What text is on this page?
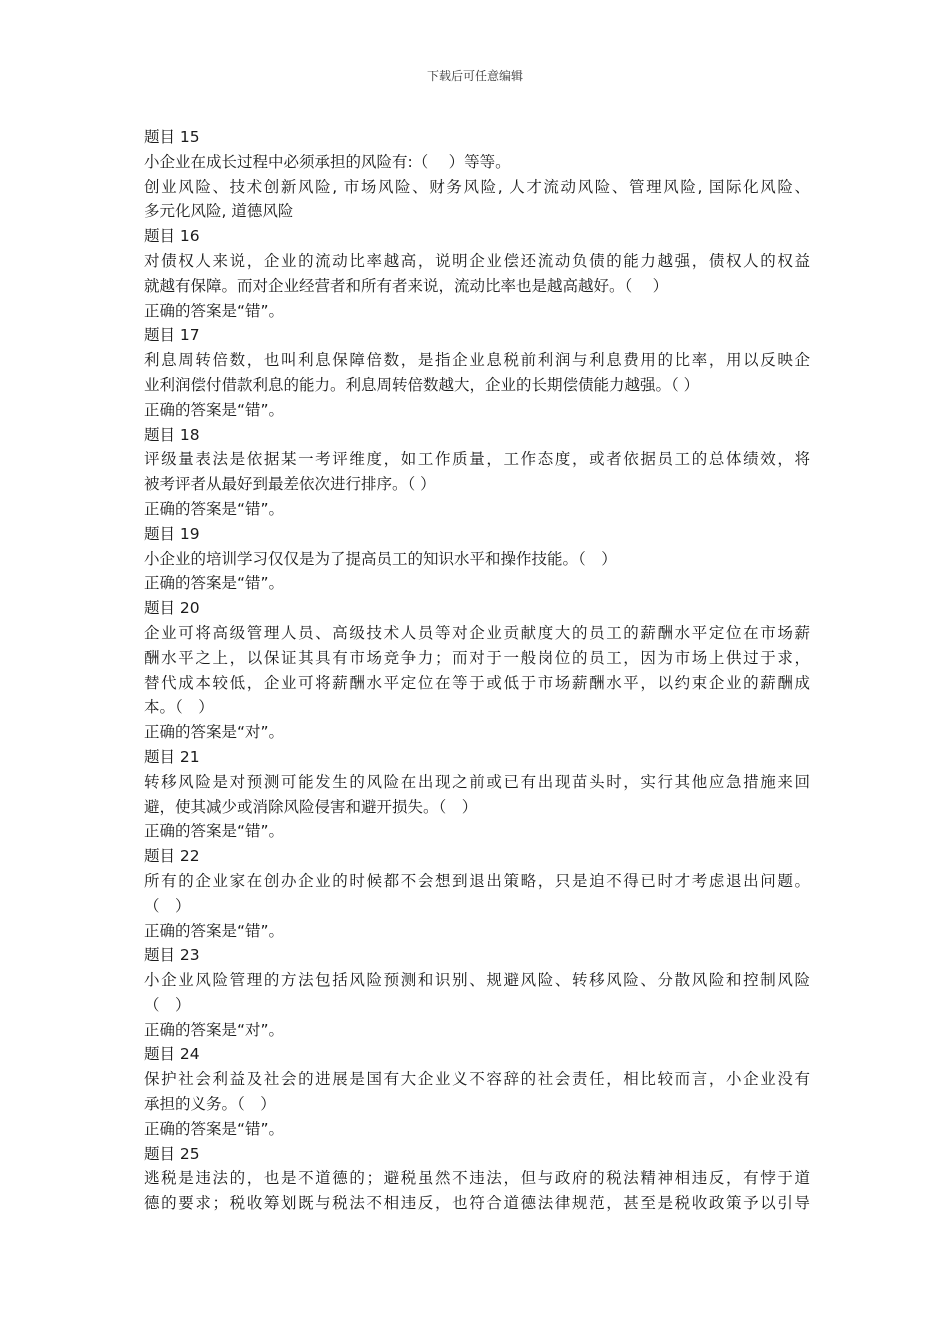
下载后可任意编辑
题目 15
小企业在成长过程中必须承担的风险有:（　 ）等等。
创业风险、技术创新风险, 市场风险、财务风险, 人才流动风险、管理风险, 国际化风险、
多元化风险, 道德风险
题目 16
对债权人来说，企业的流动比率越高，说明企业偿还流动负债的能力越强，债权人的权益
就越有保障。而对企业经营者和所有者来说，流动比率也是越高越好。（　 ）
正确的答案是“错”。
题目 17
利息周转倍数，也叫利息保障倍数，是指企业息税前利润与利息费用的比率，用以反映企
业利润偿付借款利息的能力。利息周转倍数越大，企业的长期偿债能力越强。（ ）
正确的答案是“错”。
题目 18
评级量表法是依据某一考评维度，如工作质量，工作态度，或者依据员工的总体绩效，将
被考评者从最好到最差依次进行排序。（ ）
正确的答案是“错”。
题目 19
小企业的培训学习仅仅是为了提高员工的知识水平和操作技能。（　）
正确的答案是“错”。
题目 20
企业可将高级管理人员、高级技术人员等对企业贡献度大的员工的薪酬水平定位在市场薪
酬水平之上，以保证其具有市场竞争力；而对于一般岗位的员工，因为市场上供过于求，
替代成本较低，企业可将薪酬水平定位在等于或低于市场薪酬水平，以约束企业的薪酬成
本。（　）
正确的答案是“对”。
题目 21
转移风险是对预测可能发生的风险在出现之前或已有出现苗头时，实行其他应急措施来回
避，使其减少或消除风险侵害和避开损失。（　）
正确的答案是“错”。
题目 22
所有的企业家在创办企业的时候都不会想到退出策略，只是迫不得已时才考虑退出问题。
（　）
正确的答案是“错”。
题目 23
小企业风险管理的方法包括风险预测和识别、规避风险、转移风险、分散风险和控制风险
（　）
正确的答案是“对”。
题目 24
保护社会利益及社会的进展是国有大企业义不容辞的社会责任，相比较而言，小企业没有
承担的义务。（　）
正确的答案是“错”。
题目 25
逃税是违法的，也是不道德的；避税虽然不违法，但与政府的税法精神相违反，有悖于道
德的要求；税收筹划既与税法不相违反，也符合道德法律规范，甚至是税收政策予以引导
